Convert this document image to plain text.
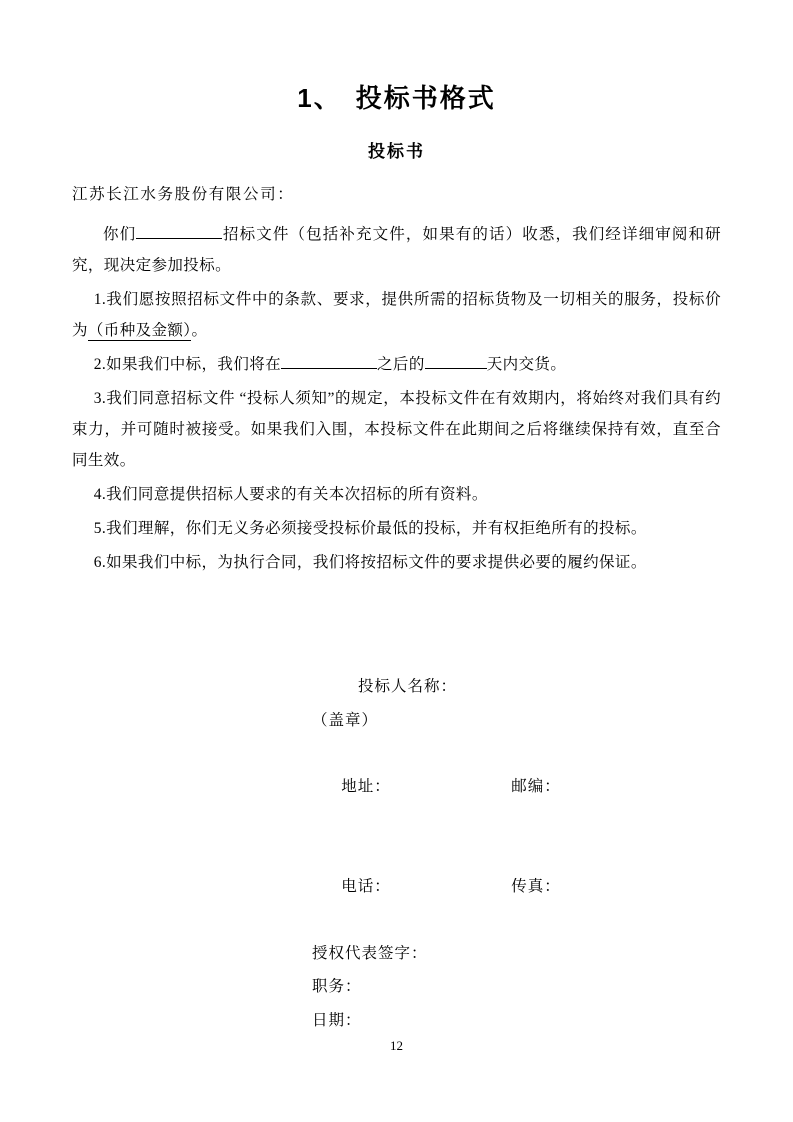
1、 投标书格式
投标书

江苏长江水务股份有限公司：

你们	招标文件（包括补充文件，如果有的话）收悉，我们经详细审阅和研究，现决定参加投标。

1.我们愿按照招标文件中的条款、要求，提供所需的招标货物及一切相关的服务，投标价为（币种及金额）。

2.如果我们中标，我们将在	之后的	天内交货。

3.我们同意招标文件 “投标人须知”的规定，本投标文件在有效期内，将始终对我们具有约束力，并可随时被接受。如果我们入围，本投标文件在此期间之后将继续保持有效，直至合同生效。

4.我们同意提供招标人要求的有关本次招标的所有资料。

5.我们理解，你们无义务必须接受投标价最低的投标，并有权拒绝所有的投标。

6.如果我们中标，为执行合同，我们将按招标文件的要求提供必要的履约保证。

投标人名称：
（盖章）

地址：	邮编：

电话：	传真：

授权代表签字：
职务：
日期：
12
